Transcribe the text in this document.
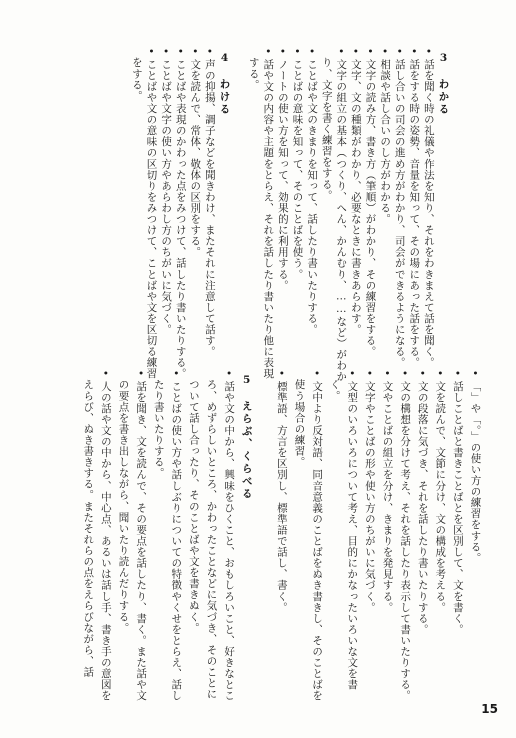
3　わかる
• 話を聞く時の礼儀や作法を知り、それをわきまえて話を聞く。
• 話をする時の姿勢、音量を知って、その場にあった話をする。
• 話し合いの司会の進め方がわかり、司会ができるようになる。
• 相談や話し合いのし方がわかる。
• 文字の読み方、書き方（筆順）がわかり、その練習をする。
• 文字、文の種類がわかり、必要なときに書きあらわす。
• 文字の組立の基本（つくり、へん、かんむり、……など）がわか
り、文字を書く練習をする。
• ことばや文のきまりを知って、話したり書いたりする。
• ことばの意味を知って、そのことばを使う。
• ノートの使い方を知って、効果的に利用する。
• 話や文の内容や主題をとらえ、それを話したり書いたり他に表現
する。
4　わける
• 声の抑揚、調子などを聞きわけ、またそれに注意して話す。
• 文を読んで、常体、敬体の区別をする。
• ことばや表現のかわった点をみつけて、話したり書いたりする。
• ことばや文字の使い方やあらわし方のちがいに気づく。
• ことばや文の意味の区切りをみつけて、ことばや文を区切る練習
をする。
• 「」や「。」の使い方の練習をする。
• 話しことばと書きことばとを区別して、文を書く。
• 文を読んで、文節に分け、文の構成を考える。
• 文の段落に気づき、それを話したり書いたりする。
• 文の構想を分けて考え、それを話したり表示して書いたりする。
• 文やことばの組立を分け、きまりを発見する。
• 文字やことばの形や使い方のちがいに気づく。
• 文型のいろいろについて考え、目的にかなったいろいな文を書
く。
• 文中より反対語、同音意義のことばをぬき書きし、そのことばを
使う場合の練習。
• 標準語、方言を区別し、標準語で話し、書く。
5　えらぶ、くらべる
• 話や文の中から、興味をひくこと、おもしろいこと、好きなとこ
ろ、めずらしいところ、かわったことなどに気づき、そのことに
ついて話し合ったり、そのことばや文を書きぬく。
• ことばの使い方や話しぶりについての特徴やくせをとらえ、話し
たり書いたりする。
• 話を聞き、文を読んで、その要点を話したり、書く。また話や文
の要点を書き出しながら、聞いたり読んだりする。
• 人の話や文の中から、中心点、あるいは話し手、書き手の意図を
えらび、ぬき書きする。またそれらの点をえらびながら、話
15
